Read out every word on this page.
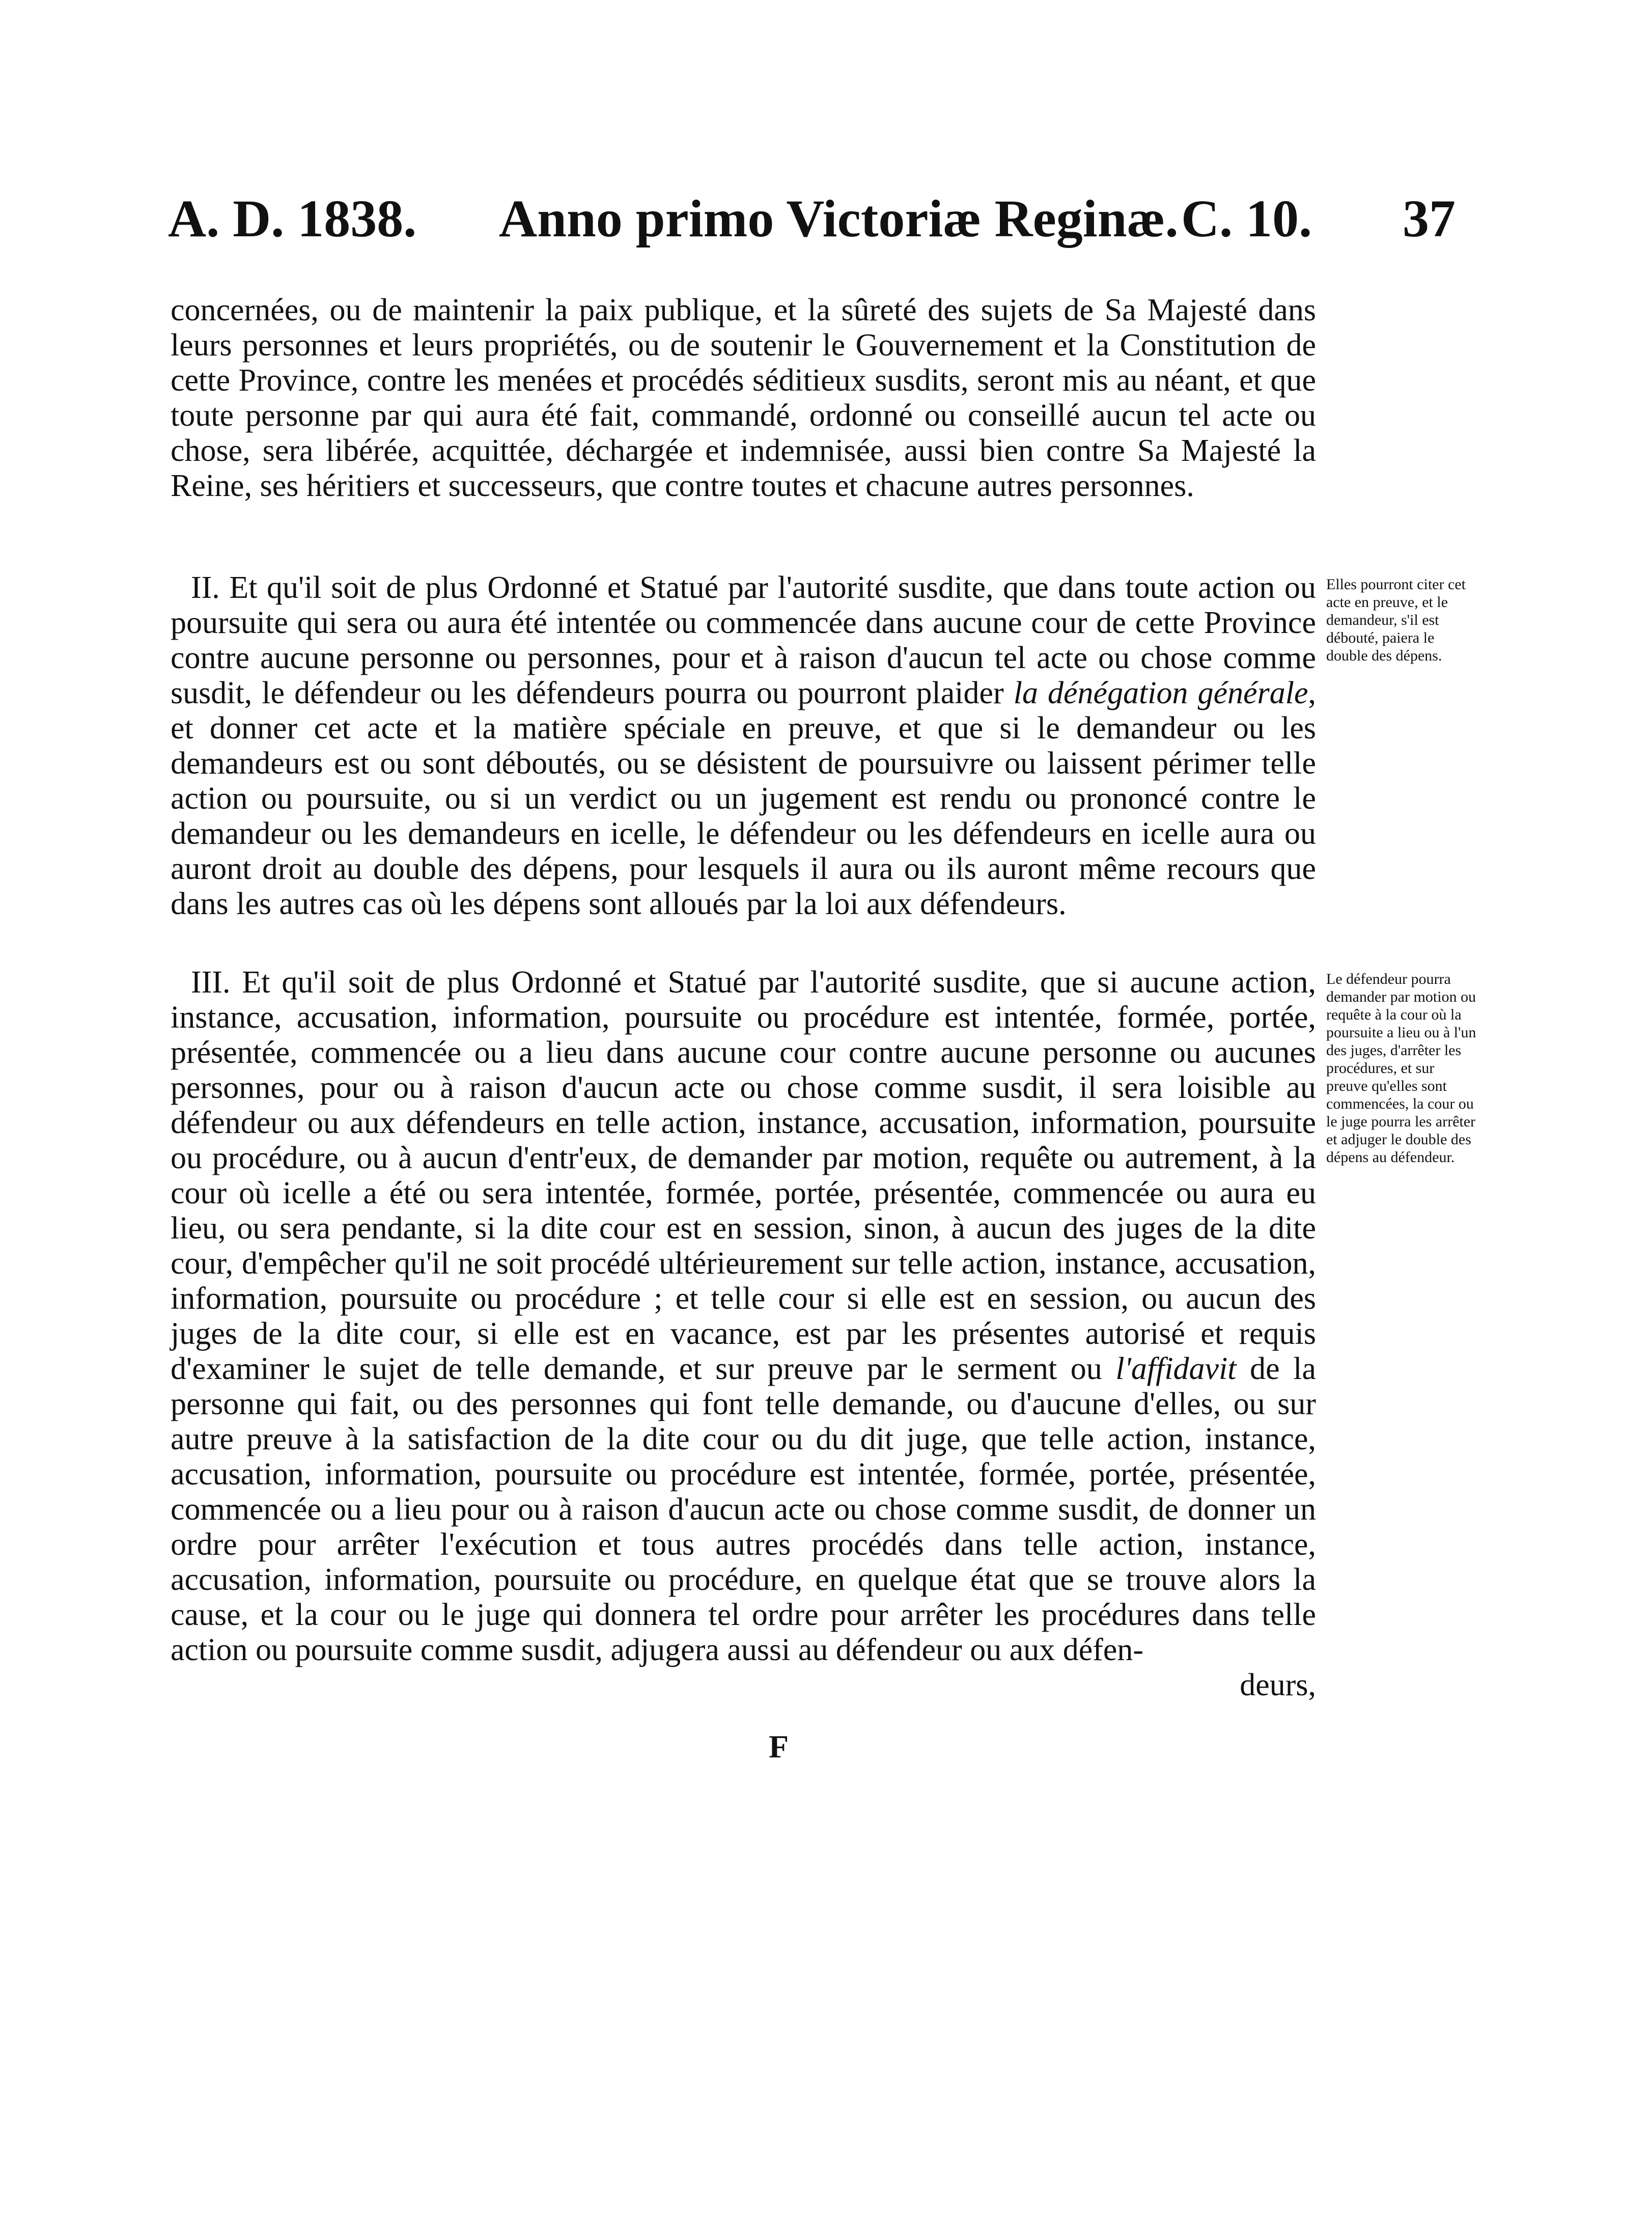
A. D. 1838. Anno primo Victoriæ Reginæ. C. 10. 37

concernées, ou de maintenir la paix publique, et la sûreté des sujets de Sa Majesté dans leurs personnes et leurs propriétés, ou de soutenir le Gouvernement et la Constitution de cette Province, contre les menées et procédés séditieux susdits, seront mis au néant, et que toute personne par qui aura été fait, commandé, ordonné ou conseillé aucun tel acte ou chose, sera libérée, acquittée, déchargée et indemnisée, aussi bien contre Sa Majesté la Reine, ses héritiers et successeurs, que contre toutes et chacune autres personnes.

II. Et qu'il soit de plus Ordonné et Statué par l'autorité susdite, que dans toute action ou poursuite qui sera ou aura été intentée ou commencée dans aucune cour de cette Province contre aucune personne ou personnes, pour et à raison d'aucun tel acte ou chose comme susdit, le défendeur ou les défendeurs pourra ou pourront plaider la dénégation générale, et donner cet acte et la matière spéciale en preuve, et que si le demandeur ou les demandeurs est ou sont déboutés, ou se désistent de poursuivre ou laissent périmer telle action ou poursuite, ou si un verdict ou un jugement est rendu ou prononcé contre le demandeur ou les demandeurs en icelle, le défendeur ou les défendeurs en icelle aura ou auront droit au double des dépens, pour lesquels il aura ou ils auront même recours que dans les autres cas où les dépens sont alloués par la loi aux défendeurs.

Elles pourront citer cet acte en preuve, et le demandeur, s'il est débouté, paiera le double des dépens.

III. Et qu'il soit de plus Ordonné et Statué par l'autorité susdite, que si aucune action, instance, accusation, information, poursuite ou procédure est intentée, formée, portée, présentée, commencée ou a lieu dans aucune cour contre aucune personne ou aucunes personnes, pour ou à raison d'aucun acte ou chose comme susdit, il sera loisible au défendeur ou aux défendeurs en telle action, instance, accusation, information, poursuite ou procédure, ou à aucun d'entr'eux, de demander par motion, requête ou autrement, à la cour où icelle a été ou sera intentée, formée, portée, présentée, commencée ou aura eu lieu, ou sera pendante, si la dite cour est en session, sinon, à aucun des juges de la dite cour, d'empêcher qu'il ne soit procédé ultérieurement sur telle action, instance, accusation, information, poursuite ou procédure ; et telle cour si elle est en session, ou aucun des juges de la dite cour, si elle est en vacance, est par les présentes autorisé et requis d'examiner le sujet de telle demande, et sur preuve par le serment ou l'affidavit de la personne qui fait, ou des personnes qui font telle demande, ou d'aucune d'elles, ou sur autre preuve à la satisfaction de la dite cour ou du dit juge, que telle action, instance, accusation, information, poursuite ou procédure est intentée, formée, portée, présentée, commencée ou a lieu pour ou à raison d'aucun acte ou chose comme susdit, de donner un ordre pour arrêter l'exécution et tous autres procédés dans telle action, instance, accusation, information, poursuite ou procédure, en quelque état que se trouve alors la cause, et la cour ou le juge qui donnera tel ordre pour arrêter les procédures dans telle action ou poursuite comme susdit, adjugera aussi au défendeur ou aux défen-

deurs,

Le défendeur pourra demander par motion ou requête à la cour où la poursuite a lieu ou à l'un des juges, d'arrêter les procédures, et sur preuve qu'elles sont commencées, la cour ou le juge pourra les arrêter et adjuger le double des dépens au défendeur.

F
